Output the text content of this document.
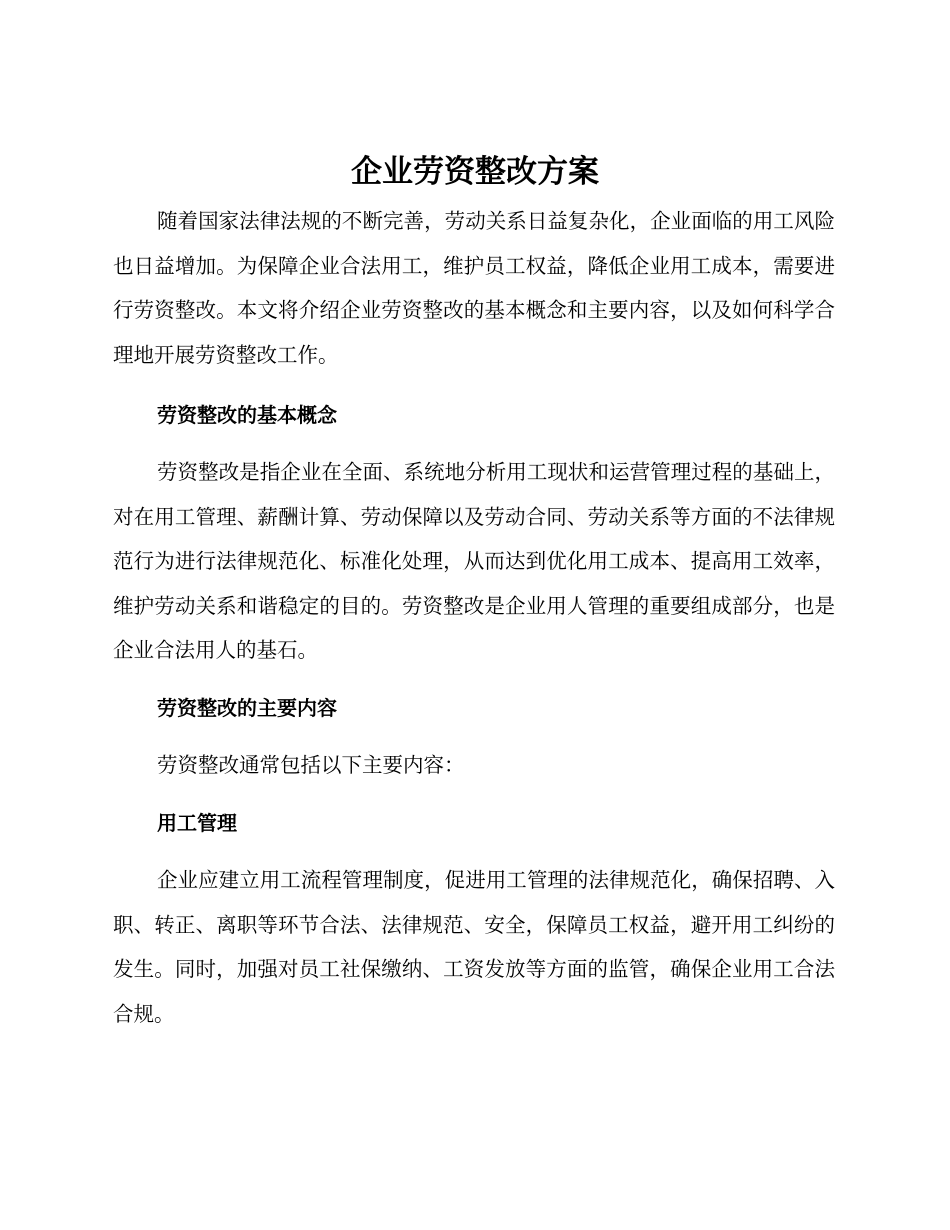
企业劳资整改方案

随着国家法律法规的不断完善，劳动关系日益复杂化，企业面临的用工风险也日益增加。为保障企业合法用工，维护员工权益，降低企业用工成本，需要进行劳资整改。本文将介绍企业劳资整改的基本概念和主要内容，以及如何科学合理地开展劳资整改工作。

劳资整改的基本概念

劳资整改是指企业在全面、系统地分析用工现状和运营管理过程的基础上，对在用工管理、薪酬计算、劳动保障以及劳动合同、劳动关系等方面的不法律规范行为进行法律规范化、标准化处理，从而达到优化用工成本、提高用工效率，维护劳动关系和谐稳定的目的。劳资整改是企业用人管理的重要组成部分，也是企业合法用人的基石。

劳资整改的主要内容

劳资整改通常包括以下主要内容：

用工管理

企业应建立用工流程管理制度，促进用工管理的法律规范化，确保招聘、入职、转正、离职等环节合法、法律规范、安全，保障员工权益，避开用工纠纷的发生。同时，加强对员工社保缴纳、工资发放等方面的监管，确保企业用工合法合规。
